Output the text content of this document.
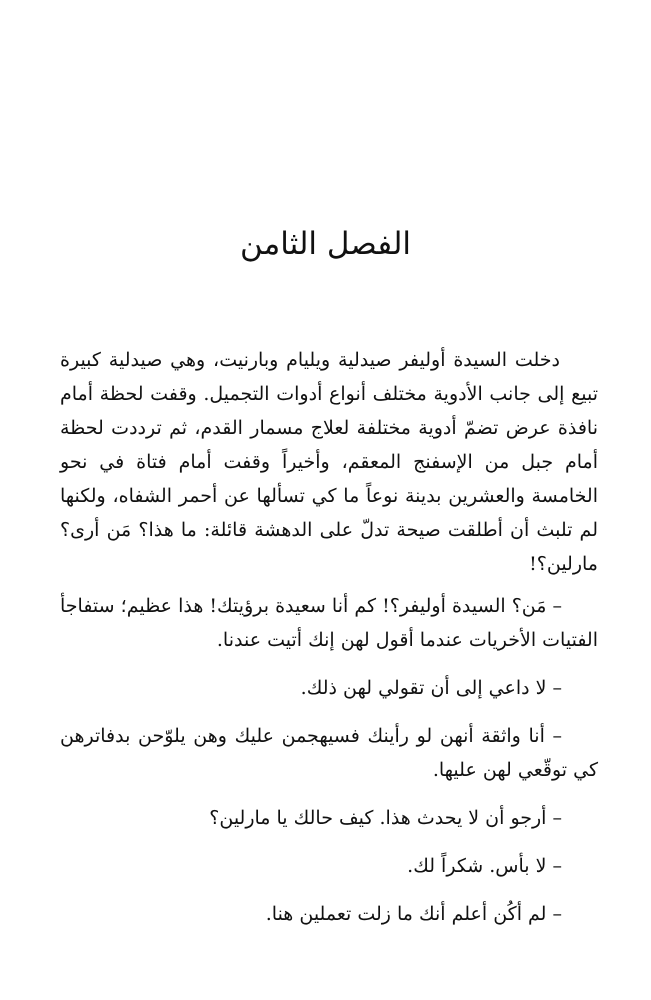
الفصل الثامن

دخلت السيدة أوليفر صيدلية ويليام وبارنيت، وهي صيدلية كبيرة تبيع إلى جانب الأدوية مختلف أنواع أدوات التجميل. وقفت لحظة أمام نافذة عرض تضمّ أدوية مختلفة لعلاج مسمار القدم، ثم ترددت لحظة أمام جبل من الإسفنج المعقم، وأخيراً وقفت أمام فتاة في نحو الخامسة والعشرين بدينة نوعاً ما كي تسألها عن أحمر الشفاه، ولكنها لم تلبث أن أطلقت صيحة تدلّ على الدهشة قائلة: ما هذا؟ مَن أرى؟ مارلين؟!

– مَن؟ السيدة أوليفر؟! كم أنا سعيدة برؤيتك! هذا عظيم؛ ستفاجأ الفتيات الأخريات عندما أقول لهن إنك أتيت عندنا.

– لا داعي إلى أن تقولي لهن ذلك.

– أنا واثقة أنهن لو رأينك فسيهجمن عليك وهن يلوّحن بدفاترهن كي توقّعي لهن عليها.

– أرجو أن لا يحدث هذا. كيف حالك يا مارلين؟

– لا بأس. شكراً لك.

– لم أكُن أعلم أنك ما زلت تعملين هنا.
